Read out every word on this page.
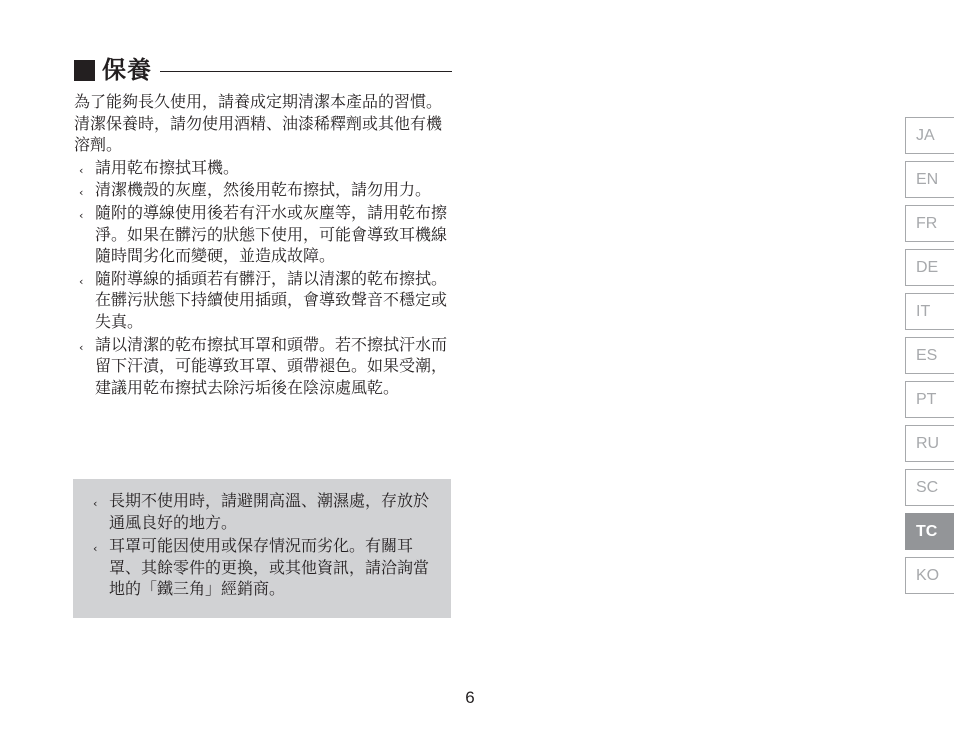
保養

為了能夠長久使用，請養成定期清潔本產品的習慣。清潔保養時，請勿使用酒精、油漆稀釋劑或其他有機溶劑。

‹ 請用乾布擦拭耳機。
‹ 清潔機殼的灰塵，然後用乾布擦拭，請勿用力。
‹ 隨附的導線使用後若有汗水或灰塵等，請用乾布擦淨。如果在髒污的狀態下使用，可能會導致耳機線隨時間劣化而變硬，並造成故障。
‹ 隨附導線的插頭若有髒汙，請以清潔的乾布擦拭。在髒污狀態下持續使用插頭，會導致聲音不穩定或失真。
‹ 請以清潔的乾布擦拭耳罩和頭帶。若不擦拭汗水而留下汗漬，可能導致耳罩、頭帶褪色。如果受潮，建議用乾布擦拭去除污垢後在陰涼處風乾。
‹ 長期不使用時，請避開高溫、潮濕處，存放於通風良好的地方。
‹ 耳罩可能因使用或保存情況而劣化。有關耳罩、其餘零件的更換，或其他資訊，請洽詢當地的「鐵三角」經銷商。
JA
EN
FR
DE
IT
ES
PT
RU
SC
TC
KO
6
